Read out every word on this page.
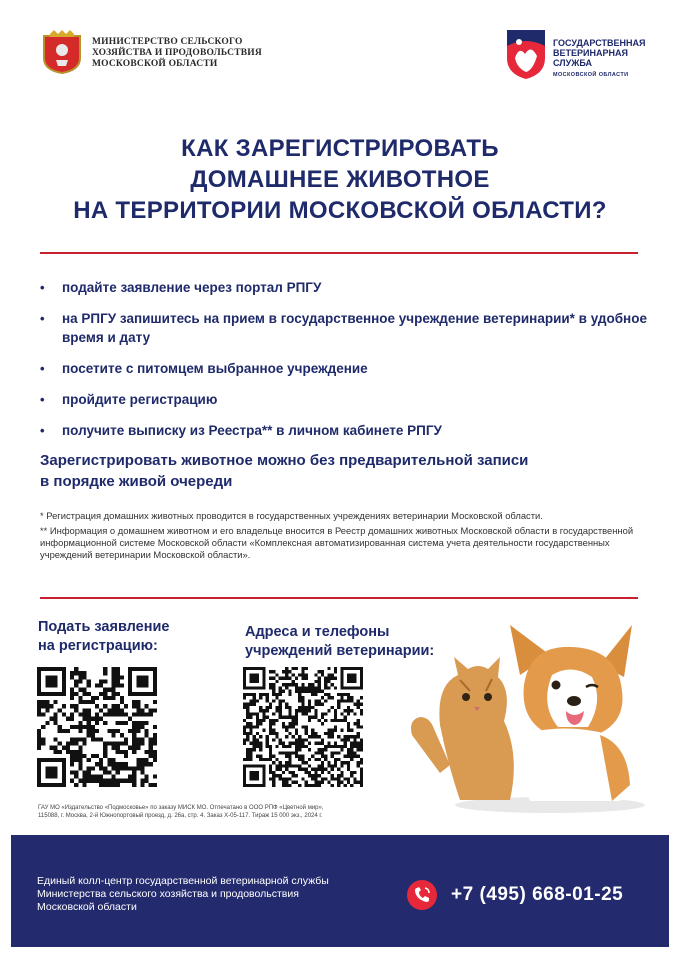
МИНИСТЕРСТВО СЕЛЬСКОГО
ХОЗЯЙСТВА И ПРОДОВОЛЬСТВИЯ
МОСКОВСКОЙ ОБЛАСТИ
ГОСУДАРСТВЕННАЯ
ВЕТЕРИНАРНАЯ
СЛУЖБА
МОСКОВСКОЙ ОБЛАСТИ
КАК ЗАРЕГИСТРИРОВАТЬ
ДОМАШНЕЕ ЖИВОТНОЕ
НА ТЕРРИТОРИИ МОСКОВСКОЙ ОБЛАСТИ?
• подайте заявление через портал РПГУ
• на РПГУ запишитесь на прием в государственное учреждение ветеринарии* в удобное время и дату
• посетите с питомцем выбранное учреждение
• пройдите регистрацию
• получите выписку из Реестра** в личном кабинете РПГУ
Зарегистрировать животное можно без предварительной записи
в порядке живой очереди

* Регистрация домашних животных проводится в государственных учреждениях ветеринарии Московской области.

** Информация о домашнем животном и его владельце вносится в Реестр домашних животных Московской области в государственной информационной системе Московской области «Комплексная автоматизированная система учета деятельности государственных учреждений ветеринарии Московской области».

Подать заявление
на регистрацию:
Адреса и телефоны
учреждений ветеринарии:
ГАУ МО «Издательство «Подмосковье» по заказу МИСК МО. Отпечатано в ООО РПФ «Цветной мир»,
115088, г. Москва, 2-й Южнопортовый проезд, д. 26а, стр. 4. Заказ X-05-117. Тираж 15 000 экз., 2024 г.
Единый колл-центр государственной ветеринарной службы
Министерства сельского хозяйства и продовольствия
Московской области
+7 (495) 668-01-25
